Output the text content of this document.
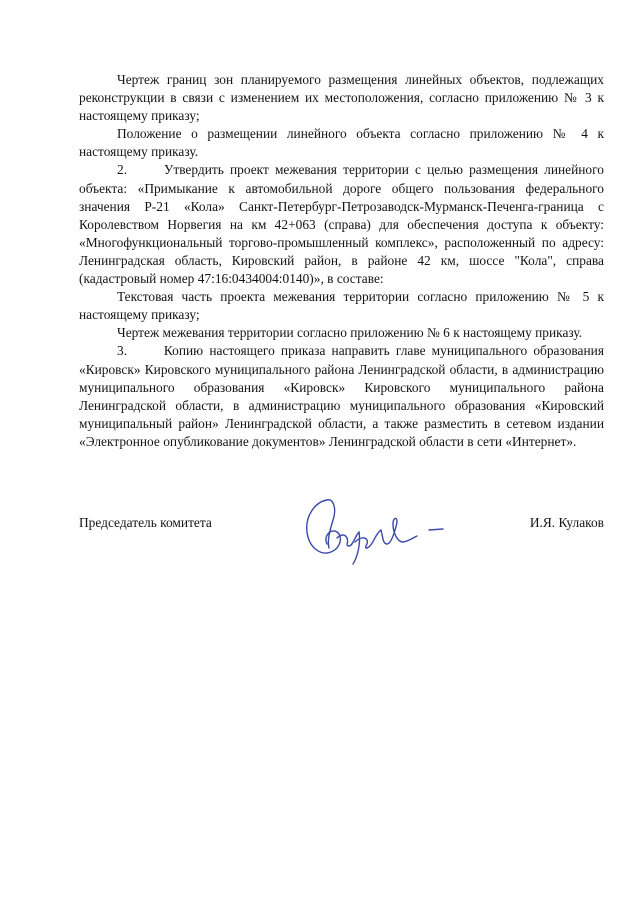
Чертеж границ зон планируемого размещения линейных объектов, подлежащих реконструкции в связи с изменением их местоположения, согласно приложению № 3 к настоящему приказу;

Положение о размещении линейного объекта согласно приложению № 4 к настоящему приказу.

2.      Утвердить проект межевания территории с целью размещения линейного объекта: «Примыкание к автомобильной дороге общего пользования федерального значения Р-21 «Кола» Санкт-Петербург-Петрозаводск-Мурманск-Печенга-граница с Королевством Норвегия на км 42+063 (справа) для обеспечения доступа к объекту: «Многофункциональный торгово-промышленный комплекс», расположенный по адресу: Ленинградская область, Кировский район, в районе 42 км, шоссе "Кола", справа (кадастровый номер 47:16:0434004:0140)», в составе:

Текстовая часть проекта межевания территории согласно приложению № 5 к настоящему приказу;

Чертеж межевания территории согласно приложению № 6 к настоящему приказу.

3.      Копию настоящего приказа направить главе муниципального образования «Кировск» Кировского муниципального района Ленинградской области, в администрацию муниципального образования «Кировск» Кировского муниципального района Ленинградской области, в администрацию муниципального образования «Кировский муниципальный район» Ленинградской области, а также разместить в сетевом издании «Электронное опубликование документов» Ленинградской области в сети «Интернет».

Председатель комитета	И.Я. Кулаков
